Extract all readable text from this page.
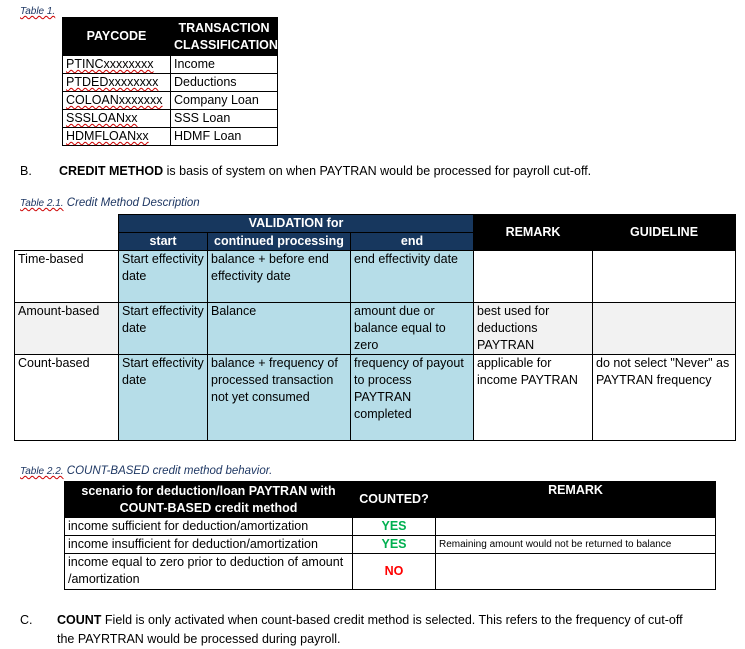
Table 1.
PAYCODE	TRANSACTION CLASSIFICATION
PTINCxxxxxxxx	Income
PTDEDxxxxxxxx	Deductions
COLOANxxxxxxx	Company Loan
SSSLOANxx	SSS Loan
HDMFLOANxx	HDMF Loan
B. CREDIT METHOD is basis of system on when PAYTRAN would be processed for payroll cut-off.
Table 2.1. Credit Method Description
	VALIDATION for			REMARK	GUIDELINE
	start	continued processing	end		
Time-based	Start effectivity date	balance + before end effectivity date	end effectivity date		
Amount-based	Start effectivity date	Balance	amount due or balance equal to zero	best used for deductions PAYTRAN	
Count-based	Start effectivity date	balance + frequency of processed transaction not yet consumed	frequency of payout to process PAYTRAN completed	applicable for income PAYTRAN	do not select "Never" as PAYTRAN frequency
Table 2.2. COUNT-BASED credit method behavior.
scenario for deduction/loan PAYTRAN with COUNT-BASED credit method	COUNTED?	REMARK
income sufficient for deduction/amortization	YES	
income insufficient for deduction/amortization	YES	Remaining amount would not be returned to balance
income equal to zero prior to deduction of amount /amortization	NO	
C. COUNT Field is only activated when count-based credit method is selected. This refers to the frequency of cut-off
the PAYRTRAN would be processed during payroll.
